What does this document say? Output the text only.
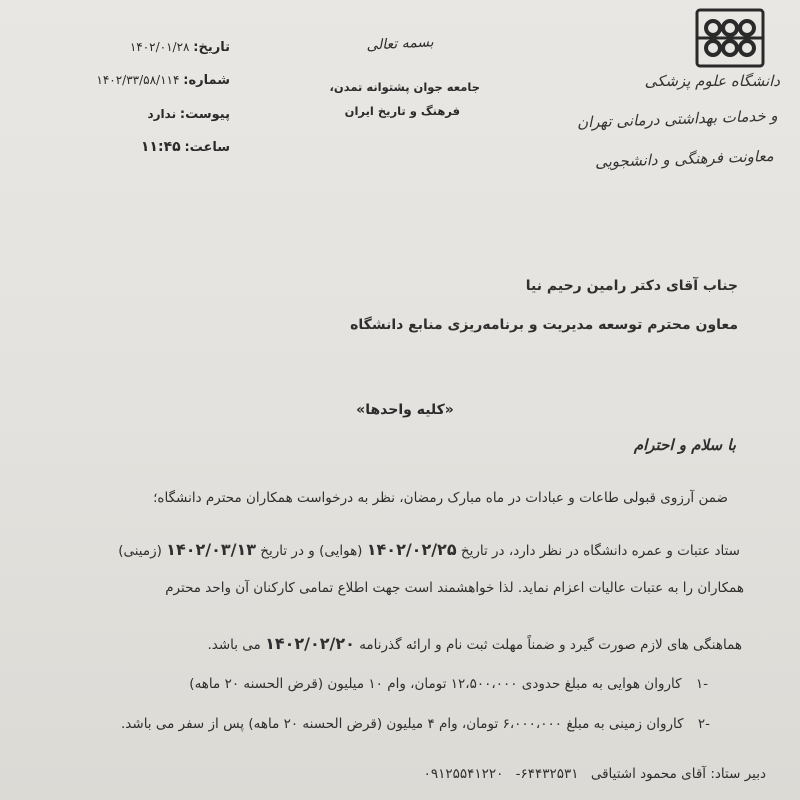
دانشگاه علوم پزشکی
و خدمات بهداشتی درمانی تهران
معاونت فرهنگی و دانشجویی
بسمه تعالی
جامعه جوان پشتوانه تمدن،
فرهنگ و تاریخ ایران
تاریخ: ۱۴۰۲/۰۱/۲۸
شماره: ۱۴۰۲/۳۳/۵۸/۱۱۴
پیوست: ندارد
ساعت: ۱۱:۴۵
جناب آقای دکتر رامین رحیم نیا
معاون محترم توسعه مدیریت و برنامه‌ریزی منابع دانشگاه
«کلیه واحدها»
با سلام و احترام
ضمن آرزوی قبولی طاعات و عبادات در ماه مبارک رمضان، نظر به درخواست همکاران محترم دانشگاه؛
ستاد عتبات و عمره دانشگاه در نظر دارد، در تاریخ ۱۴۰۲/۰۲/۲۵ (هوایی) و در تاریخ ۱۴۰۲/۰۳/۱۳ (زمینی)
همکاران را به عتبات عالیات اعزام نماید. لذا خواهشمند است جهت اطلاع تمامی کارکنان آن واحد محترم
هماهنگی های لازم صورت گیرد و ضمناً مهلت ثبت نام و ارائه گذرنامه ۱۴۰۲/۰۲/۲۰ می باشد.
-۱ کاروان هوایی به مبلغ حدودی ۱۲،۵۰۰،۰۰۰ تومان، وام ۱۰ میلیون (قرض الحسنه ۲۰ ماهه)
-۲ کاروان زمینی به مبلغ ۶،۰۰۰،۰۰۰ تومان، وام ۴ میلیون (قرض الحسنه ۲۰ ماهه) پس از سفر می باشد.
دبیر ستاد: آقای محمود اشتیاقی ۶۴۴۳۲۵۳۱- ۰۹۱۲۵۵۴۱۲۲۰
